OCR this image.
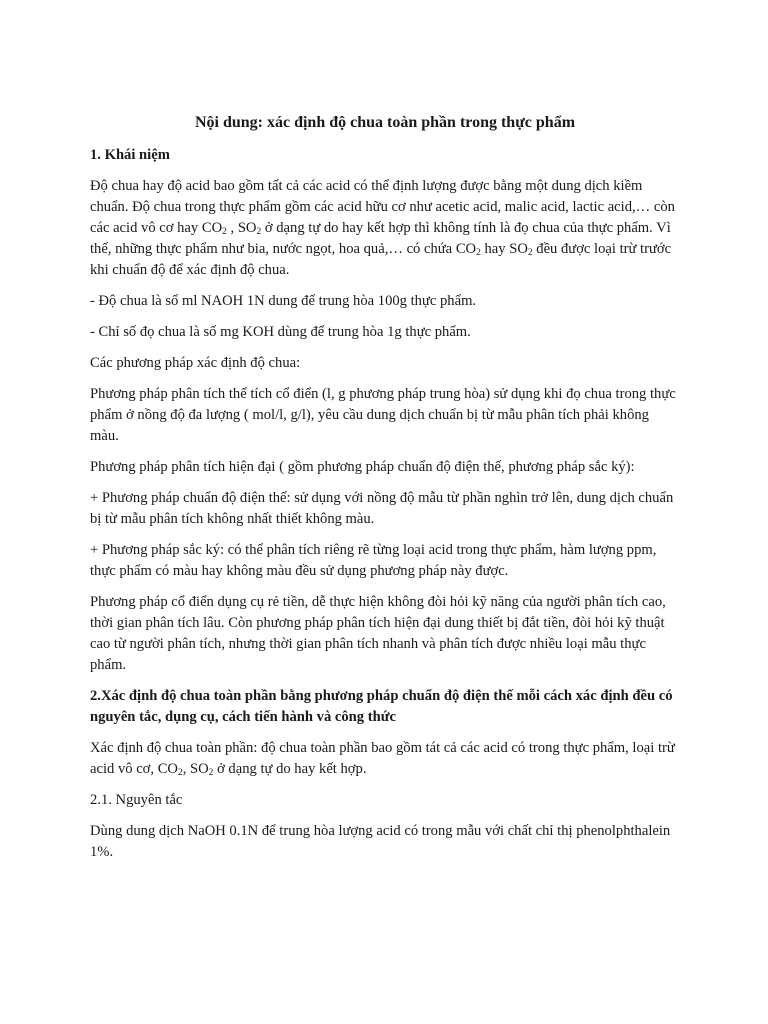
Nội dung: xác định độ chua toàn phần trong thực phẩm
1. Khái niệm

Độ chua hay độ acid bao gồm tất cả các acid có thể định lượng được bằng một dung dịch kiềm chuẩn. Độ chua trong thực phẩm gồm các acid hữu cơ như acetic acid, malic acid, lactic acid,… còn các acid vô cơ hay $CO_2$ , $SO_2$ ở dạng tự do hay kết hợp thì không tính là đọ chua của thực phẩm. Vì thế, những thực phẩm như bia, nước ngọt, hoa quả,… có chứa $CO_2$ hay $SO_2$ đều được loại trừ trước khi chuẩn độ để xác định độ chua.

- Độ chua là số ml NAOH 1N dung để trung hòa 100g thực phẩm.

- Chỉ số đọ chua là số mg KOH dùng để trung hòa 1g thực phẩm.

Các phương pháp xác định độ chua:

Phương pháp phân tích thể tích cổ điển (l, g phương pháp trung hòa) sử dụng khi đọ chua trong thực phẩm ở nồng độ đa lượng ( mol/l, g/l), yêu cầu dung dịch chuẩn bị từ mẫu phân tích phải không màu.

Phương pháp phân tích hiện đại ( gồm phương pháp chuẩn độ điện thế, phương pháp sắc ký):

+ Phương pháp chuẩn độ điện thế: sử dụng với nồng độ mẫu từ phần nghìn trở lên, dung dịch chuẩn bị từ mẫu phân tích không nhất thiết không màu.

+ Phương pháp sắc ký: có thể phân tích riêng rẽ từng loại acid trong thực phẩm, hàm lượng ppm, thực phẩm có màu hay không màu đều sử dụng phương pháp này được.

Phương pháp cổ điển dụng cụ rẻ tiền, dễ thực hiện không đòi hỏi kỹ năng của người phân tích cao, thời gian phân tích lâu. Còn phương pháp phân tích hiện đại dung thiết bị đắt tiền, đòi hỏi kỹ thuật cao từ người phân tích, nhưng thời gian phân tích nhanh và phân tích được nhiều loại mẫu thực phẩm.

2.Xác định độ chua toàn phần bằng phương pháp chuẩn độ điện thế mỗi cách xác định đều có nguyên tắc, dụng cụ, cách tiến hành và công thức

Xác định độ chua toàn phần: độ chua toàn phần bao gồm tát cả các acid có trong thực phẩm, loại trừ acid vô cơ, $CO_2$, $SO_2$ ở dạng tự do hay kết hợp.

2.1. Nguyên tắc

Dùng dung dịch NaOH 0.1N để trung hòa lượng acid có trong mẫu với chất chỉ thị phenolphthalein 1%.
